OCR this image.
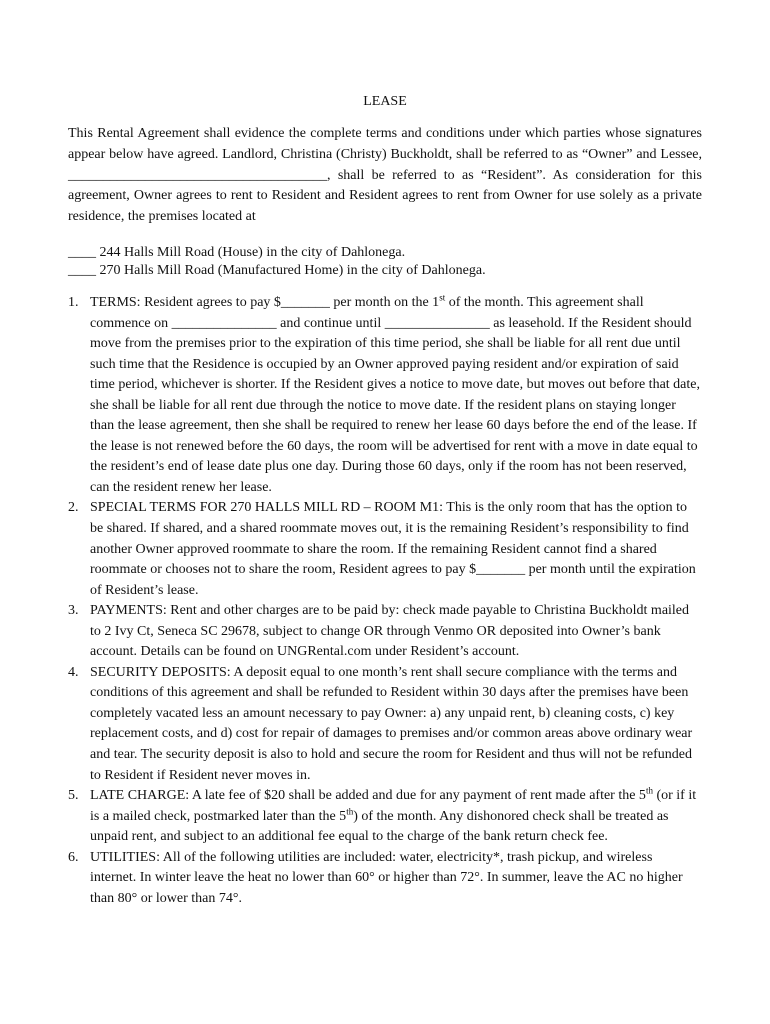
LEASE

This Rental Agreement shall evidence the complete terms and conditions under which parties whose signatures appear below have agreed. Landlord, Christina (Christy) Buckholdt, shall be referred to as “Owner” and Lessee, _____________________________________, shall be referred to as “Resident”. As consideration for this agreement, Owner agrees to rent to Resident and Resident agrees to rent from Owner for use solely as a private residence, the premises located at

____ 244 Halls Mill Road (House) in the city of Dahlonega.
____ 270 Halls Mill Road (Manufactured Home) in the city of Dahlonega.
1. TERMS: Resident agrees to pay $_______ per month on the 1st of the month. This agreement shall commence on _______________ and continue until _______________ as leasehold. If the Resident should move from the premises prior to the expiration of this time period, she shall be liable for all rent due until such time that the Residence is occupied by an Owner approved paying resident and/or expiration of said time period, whichever is shorter. If the Resident gives a notice to move date, but moves out before that date, she shall be liable for all rent due through the notice to move date. If the resident plans on staying longer than the lease agreement, then she shall be required to renew her lease 60 days before the end of the lease. If the lease is not renewed before the 60 days, the room will be advertised for rent with a move in date equal to the resident’s end of lease date plus one day. During those 60 days, only if the room has not been reserved, can the resident renew her lease.
2. SPECIAL TERMS FOR 270 HALLS MILL RD – ROOM M1: This is the only room that has the option to be shared. If shared, and a shared roommate moves out, it is the remaining Resident’s responsibility to find another Owner approved roommate to share the room. If the remaining Resident cannot find a shared roommate or chooses not to share the room, Resident agrees to pay $_______ per month until the expiration of Resident’s lease.
3. PAYMENTS: Rent and other charges are to be paid by: check made payable to Christina Buckholdt mailed to 2 Ivy Ct, Seneca SC 29678, subject to change OR through Venmo OR deposited into Owner’s bank account. Details can be found on UNGRental.com under Resident’s account.
4. SECURITY DEPOSITS: A deposit equal to one month’s rent shall secure compliance with the terms and conditions of this agreement and shall be refunded to Resident within 30 days after the premises have been completely vacated less an amount necessary to pay Owner: a) any unpaid rent, b) cleaning costs, c) key replacement costs, and d) cost for repair of damages to premises and/or common areas above ordinary wear and tear. The security deposit is also to hold and secure the room for Resident and thus will not be refunded to Resident if Resident never moves in.
5. LATE CHARGE: A late fee of $20 shall be added and due for any payment of rent made after the 5th (or if it is a mailed check, postmarked later than the 5th) of the month. Any dishonored check shall be treated as unpaid rent, and subject to an additional fee equal to the charge of the bank return check fee.
6. UTILITIES: All of the following utilities are included: water, electricity*, trash pickup, and wireless internet. In winter leave the heat no lower than 60° or higher than 72°. In summer, leave the AC no higher than 80° or lower than 74°.
